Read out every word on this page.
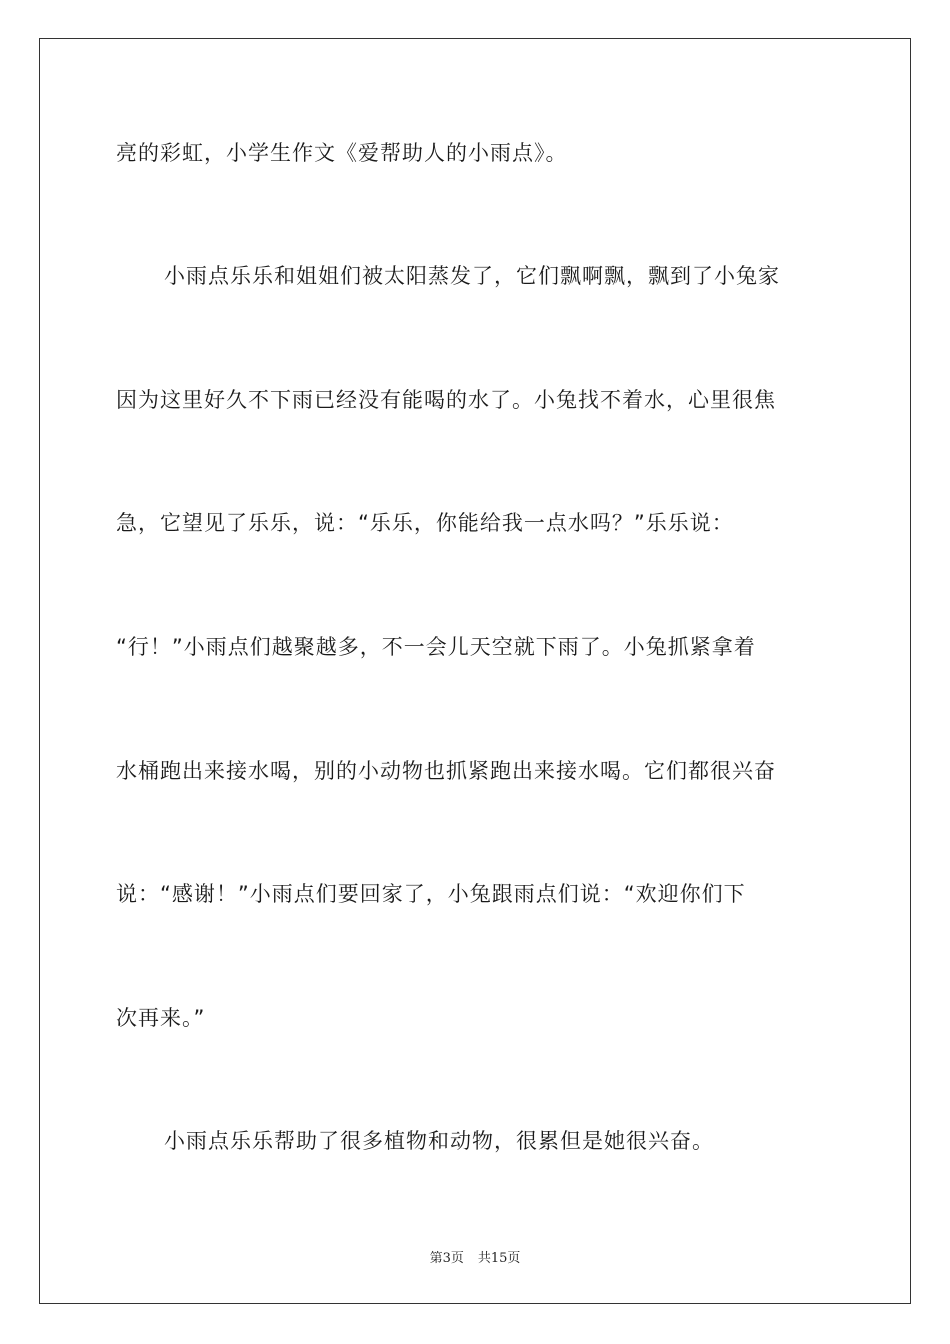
亮的彩虹，小学生作文《爱帮助人的小雨点》。
小雨点乐乐和姐姐们被太阳蒸发了，它们飘啊飘，飘到了小兔家
因为这里好久不下雨已经没有能喝的水了。小兔找不着水，心里很焦
急，它望见了乐乐，说：“乐乐，你能给我一点水吗？”乐乐说：
“行！”小雨点们越聚越多，不一会儿天空就下雨了。小兔抓紧拿着
水桶跑出来接水喝，别的小动物也抓紧跑出来接水喝。它们都很兴奋
说：“感谢！”小雨点们要回家了，小兔跟雨点们说：“欢迎你们下
次再来。”
小雨点乐乐帮助了很多植物和动物，很累但是她很兴奋。
第3页 共15页
